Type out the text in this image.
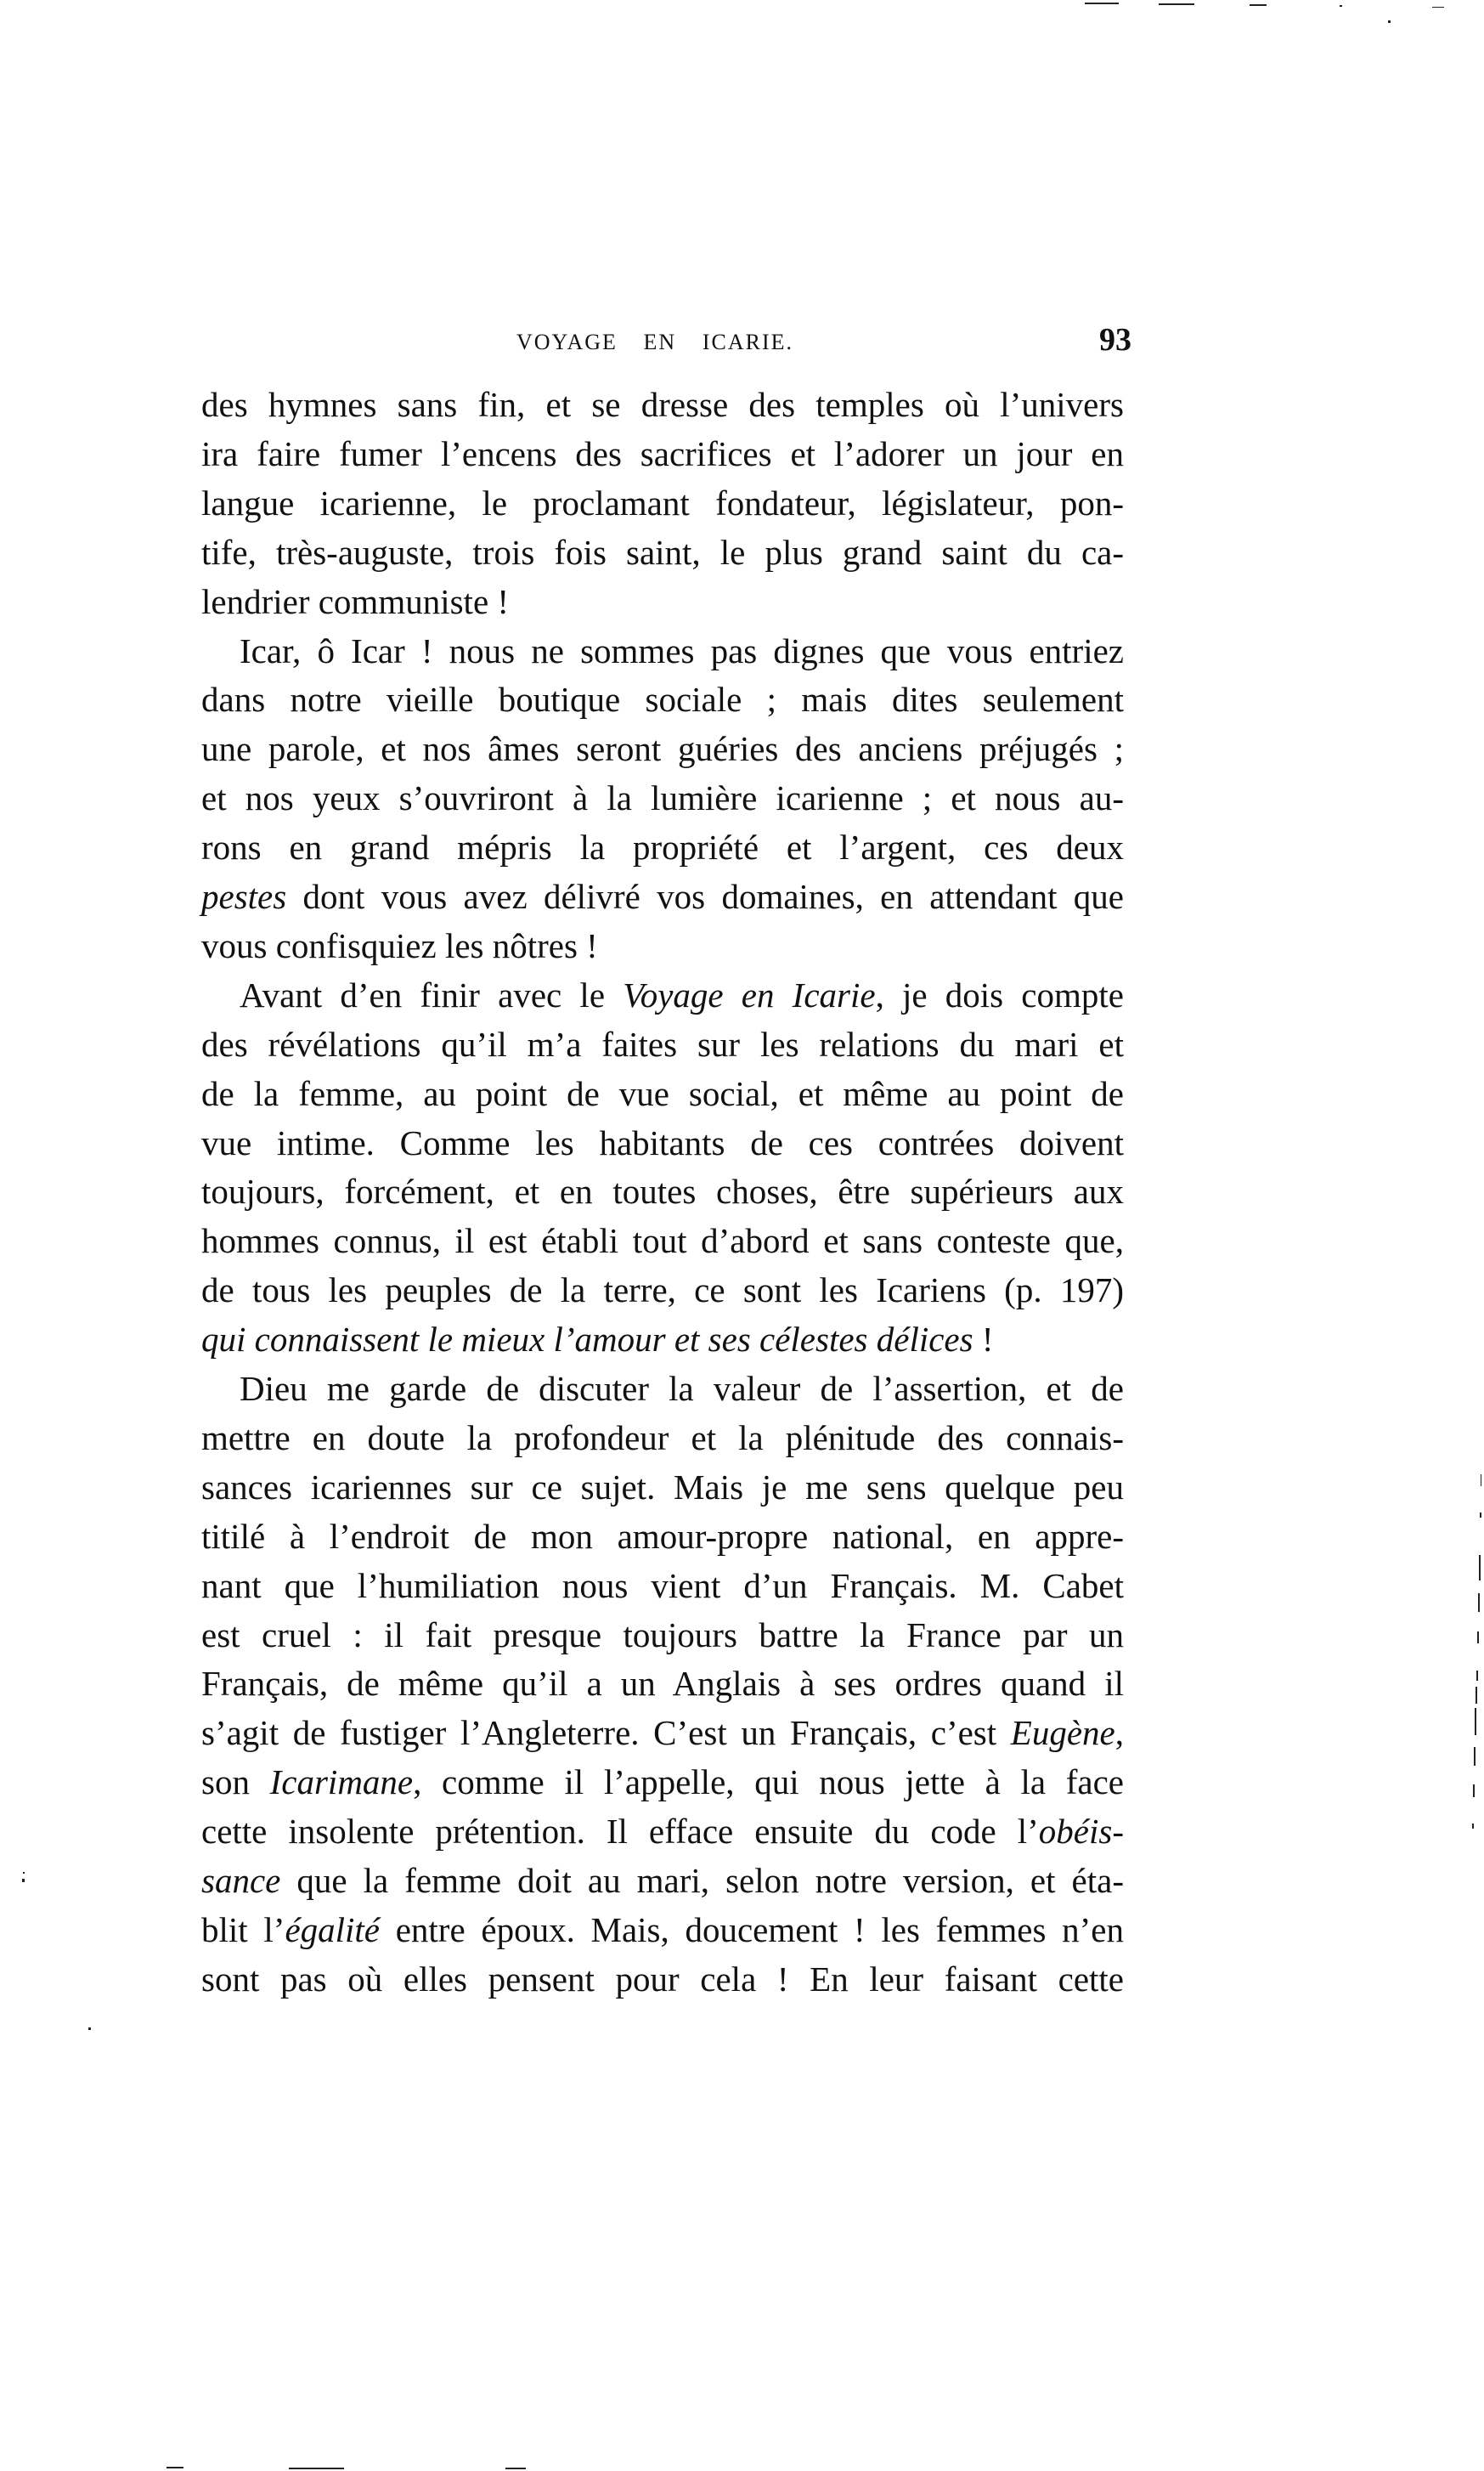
VOYAGE EN ICARIE.	93
des hymnes sans fin, et se dresse des temples où l’univers
ira faire fumer l’encens des sacrifices et l’adorer un jour en
langue icarienne, le proclamant fondateur, législateur, pon-
tife, très-auguste, trois fois saint, le plus grand saint du ca-
lendrier communiste !
Icar, ô Icar ! nous ne sommes pas dignes que vous entriez
dans notre vieille boutique sociale ; mais dites seulement
une parole, et nos âmes seront guéries des anciens préjugés ;
et nos yeux s’ouvriront à la lumière icarienne ; et nous au-
rons en grand mépris la propriété et l’argent, ces deux
pestes dont vous avez délivré vos domaines, en attendant que
vous confisquiez les nôtres !
Avant d’en finir avec le Voyage en Icarie, je dois compte
des révélations qu’il m’a faites sur les relations du mari et
de la femme, au point de vue social, et même au point de
vue intime. Comme les habitants de ces contrées doivent
toujours, forcément, et en toutes choses, être supérieurs aux
hommes connus, il est établi tout d’abord et sans conteste que,
de tous les peuples de la terre, ce sont les Icariens (p. 197)
qui connaissent le mieux l’amour et ses célestes délices !
Dieu me garde de discuter la valeur de l’assertion, et de
mettre en doute la profondeur et la plénitude des connais-
sances icariennes sur ce sujet. Mais je me sens quelque peu
titilé à l’endroit de mon amour-propre national, en appre-
nant que l’humiliation nous vient d’un Français. M. Cabet
est cruel : il fait presque toujours battre la France par un
Français, de même qu’il a un Anglais à ses ordres quand il
s’agit de fustiger l’Angleterre. C’est un Français, c’est Eugène,
son Icarimane, comme il l’appelle, qui nous jette à la face
cette insolente prétention. Il efface ensuite du code l’obéis-
sance que la femme doit au mari, selon notre version, et éta-
blit l’égalité entre époux. Mais, doucement ! les femmes n’en
sont pas où elles pensent pour cela ! En leur faisant cette
